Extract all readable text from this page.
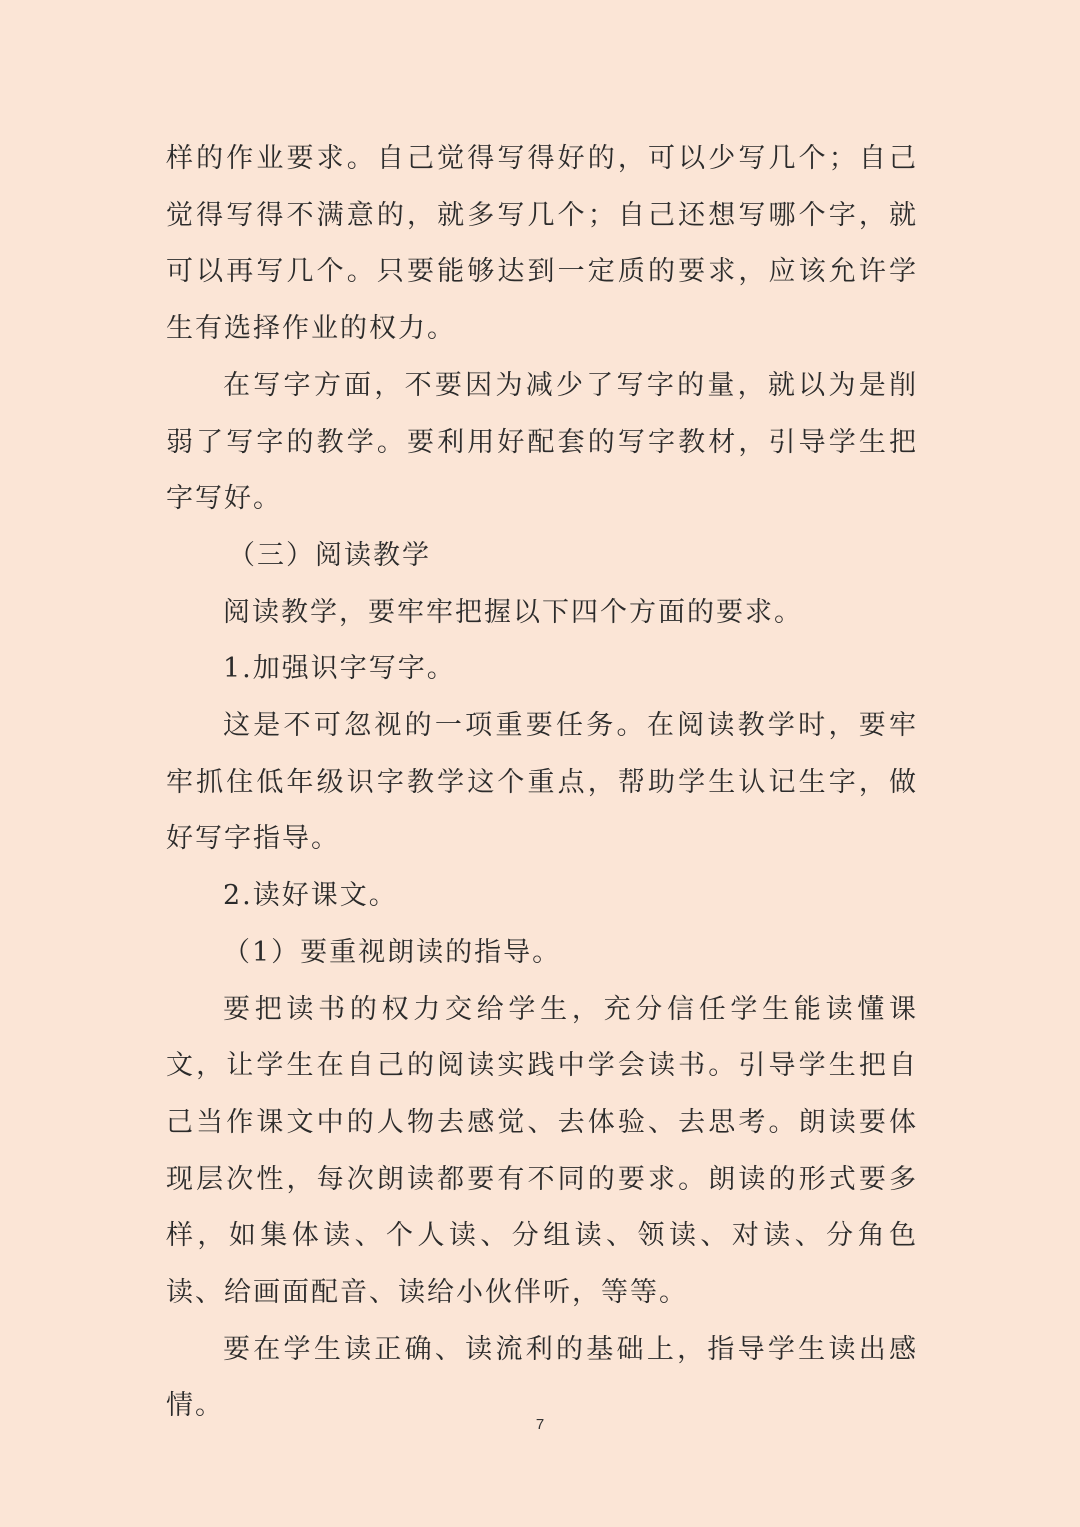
样的作业要求。自己觉得写得好的，可以少写几个；自己觉得写得不满意的，就多写几个；自己还想写哪个字，就可以再写几个。只要能够达到一定质的要求，应该允许学生有选择作业的权力。

在写字方面，不要因为减少了写字的量，就以为是削弱了写字的教学。要利用好配套的写字教材，引导学生把字写好。

（三）阅读教学

阅读教学，要牢牢把握以下四个方面的要求。

1.加强识字写字。

这是不可忽视的一项重要任务。在阅读教学时，要牢牢抓住低年级识字教学这个重点，帮助学生认记生字，做好写字指导。

2.读好课文。

（1）要重视朗读的指导。

要把读书的权力交给学生，充分信任学生能读懂课文，让学生在自己的阅读实践中学会读书。引导学生把自己当作课文中的人物去感觉、去体验、去思考。朗读要体现层次性，每次朗读都要有不同的要求。朗读的形式要多样，如集体读、个人读、分组读、领读、对读、分角色读、给画面配音、读给小伙伴听，等等。

要在学生读正确、读流利的基础上，指导学生读出感情。

7
